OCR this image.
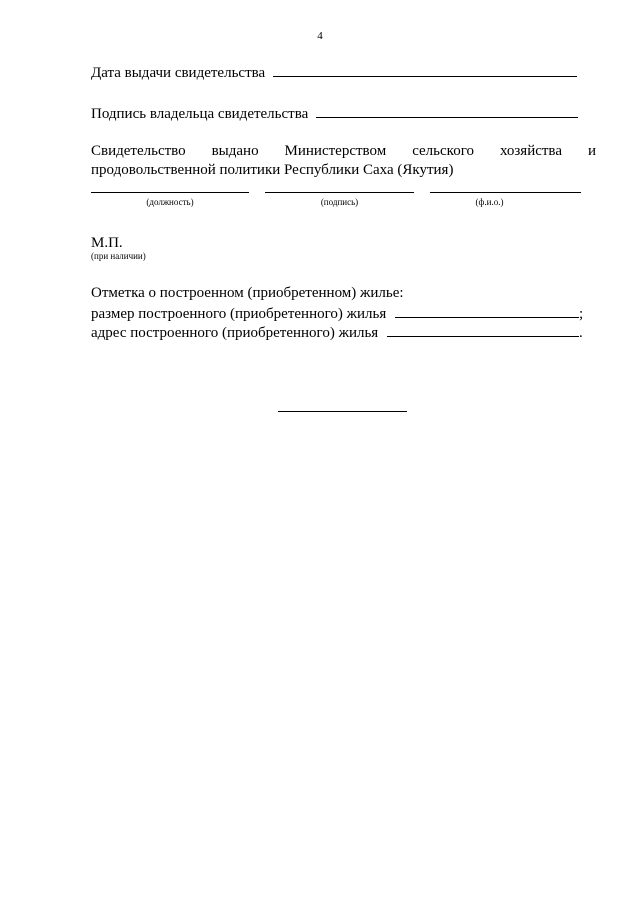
4
Дата выдачи свидетельства
Подпись владельца свидетельства
Свидетельство выдано Министерством сельского хозяйства и
продовольственной политики Республики Саха (Якутия)
(должность)	(подпись)	(ф.и.о.)
М.П.
(при наличии)
Отметка о построенном (приобретенном) жилье:
размер построенного (приобретенного) жилья	;
адрес построенного (приобретенного) жилья	.
